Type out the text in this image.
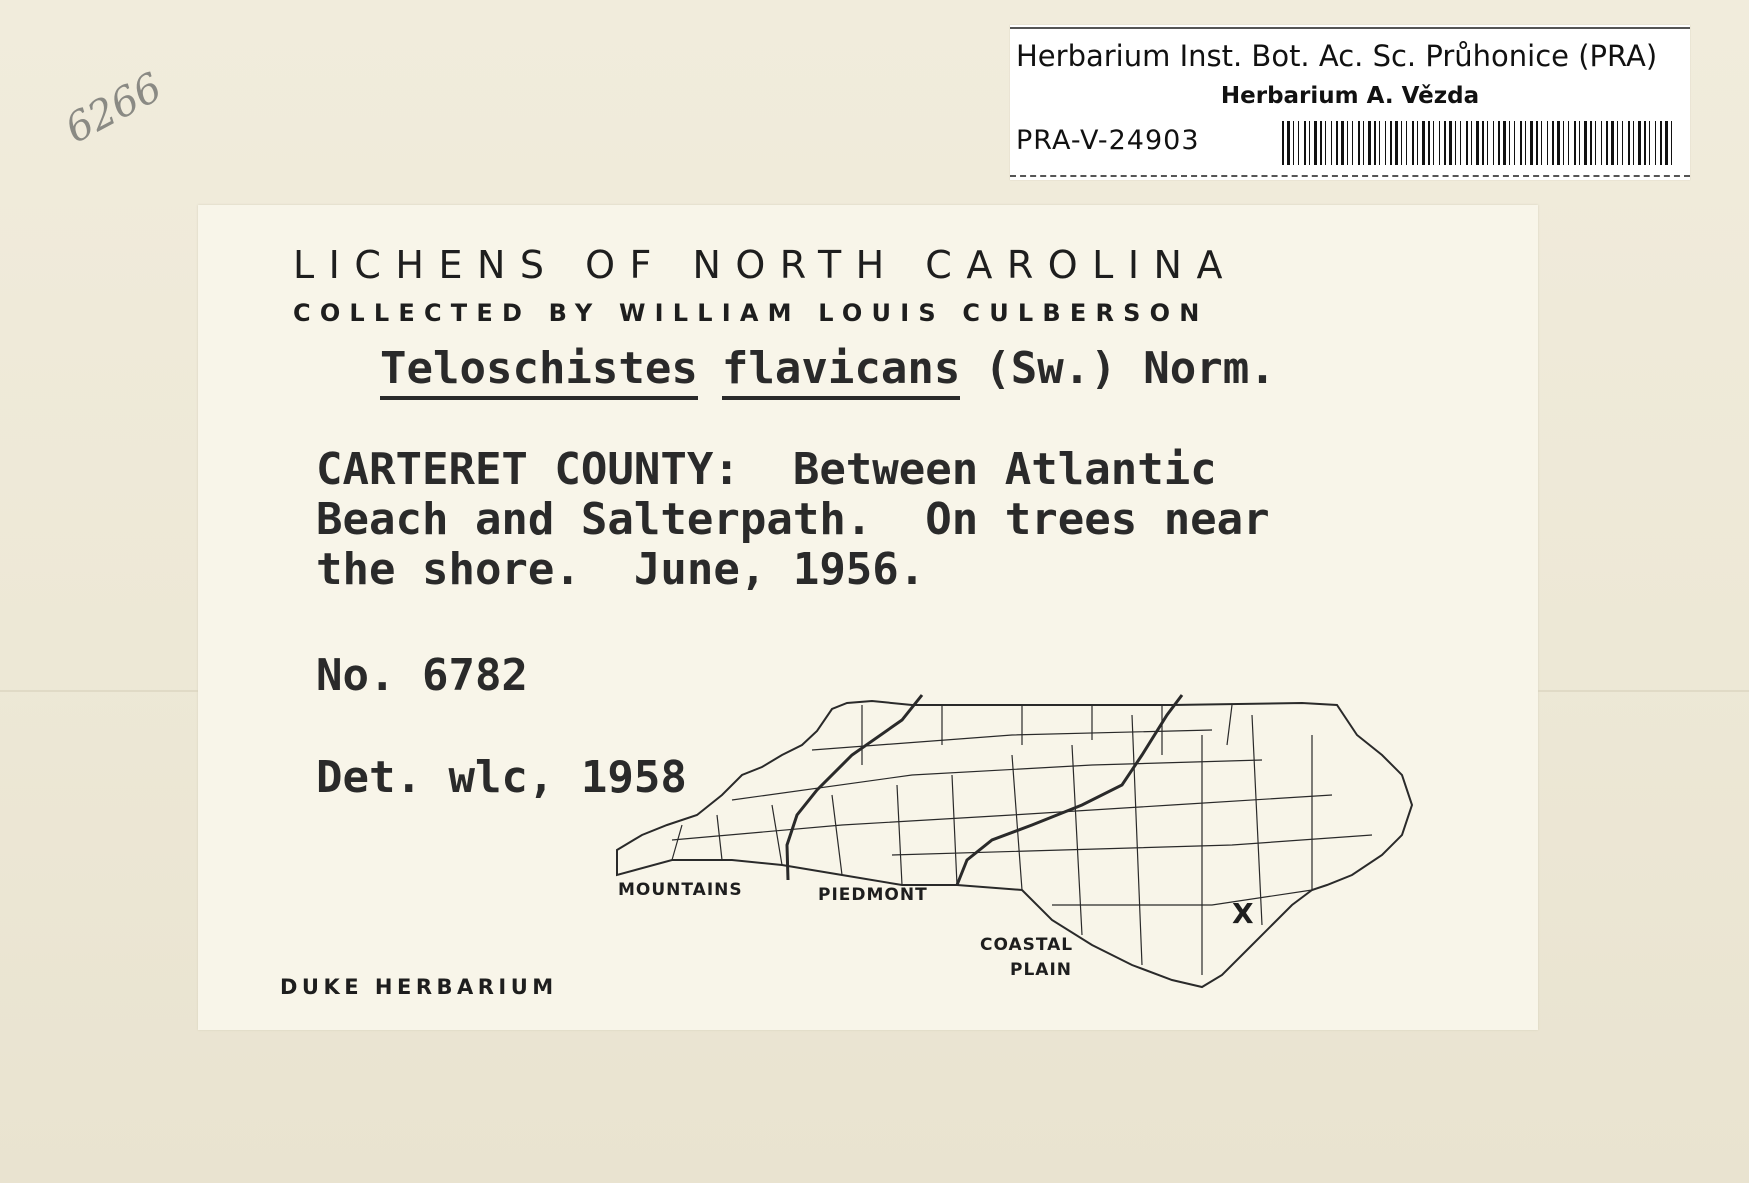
6266
Herbarium Inst. Bot. Ac. Sc. Průhonice (PRA)
Herbarium A. Vězda
PRA-V-24903
LICHENS OF NORTH CAROLINA
COLLECTED BY WILLIAM LOUIS CULBERSON
Teloschistes flavicans (Sw.) Norm.
CARTERET COUNTY:  Between Atlantic
Beach and Salterpath.  On trees near
the shore.  June, 1956.
No. 6782
Det. wlc, 1958
X
MOUNTAINS	PIEDMONT
COASTAL
PLAIN
DUKE HERBARIUM
